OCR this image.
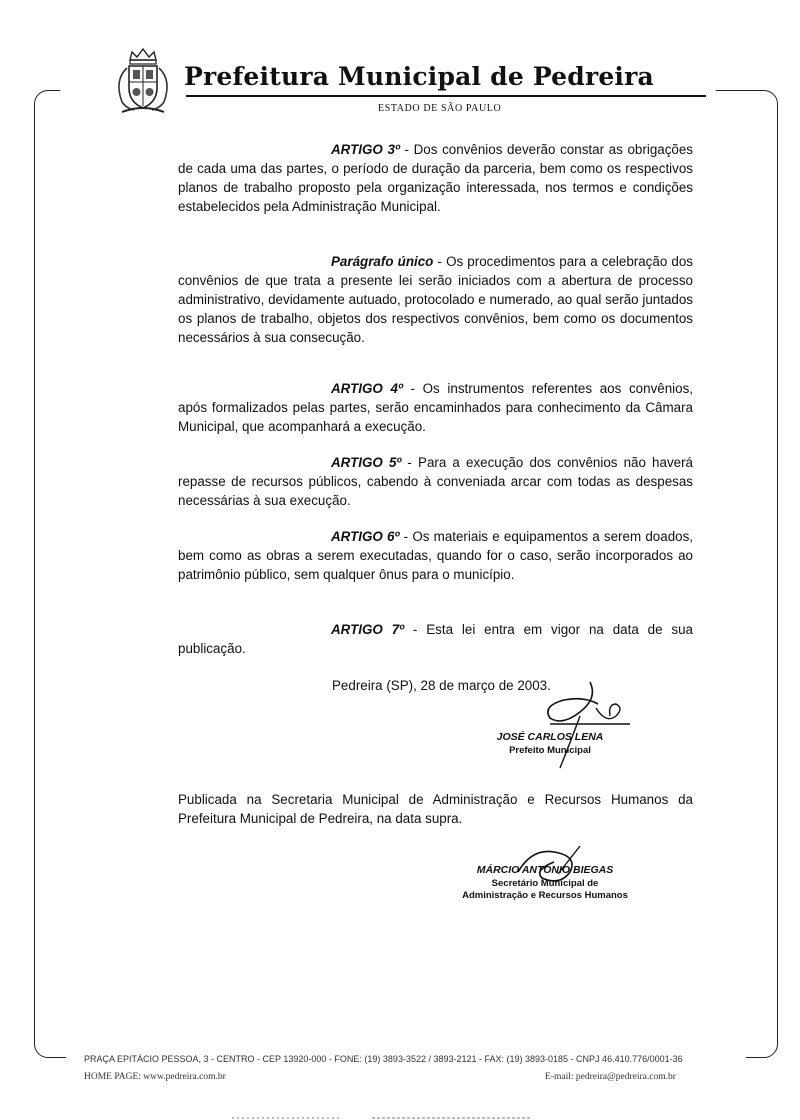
Prefeitura Municipal de Pedreira

ESTADO DE SÃO PAULO

ARTIGO 3º - Dos convênios deverão constar as obrigações de cada uma das partes, o período de duração da parceria, bem como os respectivos planos de trabalho proposto pela organização interessada, nos termos e condições estabelecidos pela Administração Municipal.

Parágrafo único - Os procedimentos para a celebração dos convênios de que trata a presente lei serão iniciados com a abertura de processo administrativo, devidamente autuado, protocolado e numerado, ao qual serão juntados os planos de trabalho, objetos dos respectivos convênios, bem como os documentos necessários à sua consecução.

ARTIGO 4º - Os instrumentos referentes aos convênios, após formalizados pelas partes, serão encaminhados para conhecimento da Câmara Municipal, que acompanhará a execução.

ARTIGO 5º - Para a execução dos convênios não haverá repasse de recursos públicos, cabendo à conveniada arcar com todas as despesas necessárias à sua execução.

ARTIGO 6º - Os materiais e equipamentos a serem doados, bem como as obras a serem executadas, quando for o caso, serão incorporados ao patrimônio público, sem qualquer ônus para o município.

ARTIGO 7º - Esta lei entra em vigor na data de sua publicação.

Pedreira (SP), 28 de março de 2003.
JOSÉ CARLOS LENA
Prefeito Municipal

Publicada na Secretaria Municipal de Administração e Recursos Humanos da Prefeitura Municipal de Pedreira, na data supra.

MÁRCIO ANTONIO BIEGAS
Secretário Municipal de
Administração e Recursos Humanos
PRAÇA EPITÁCIO PESSOA, 3 - CENTRO - CEP 13920-000 - FONE: (19) 3893-3522 / 3893-2121 - FAX: (19) 3893-0185 - CNPJ 46.410.776/0001-36
HOME PAGE: www.pedreira.com.br	E-mail: pedreira@pedreira.com.br
